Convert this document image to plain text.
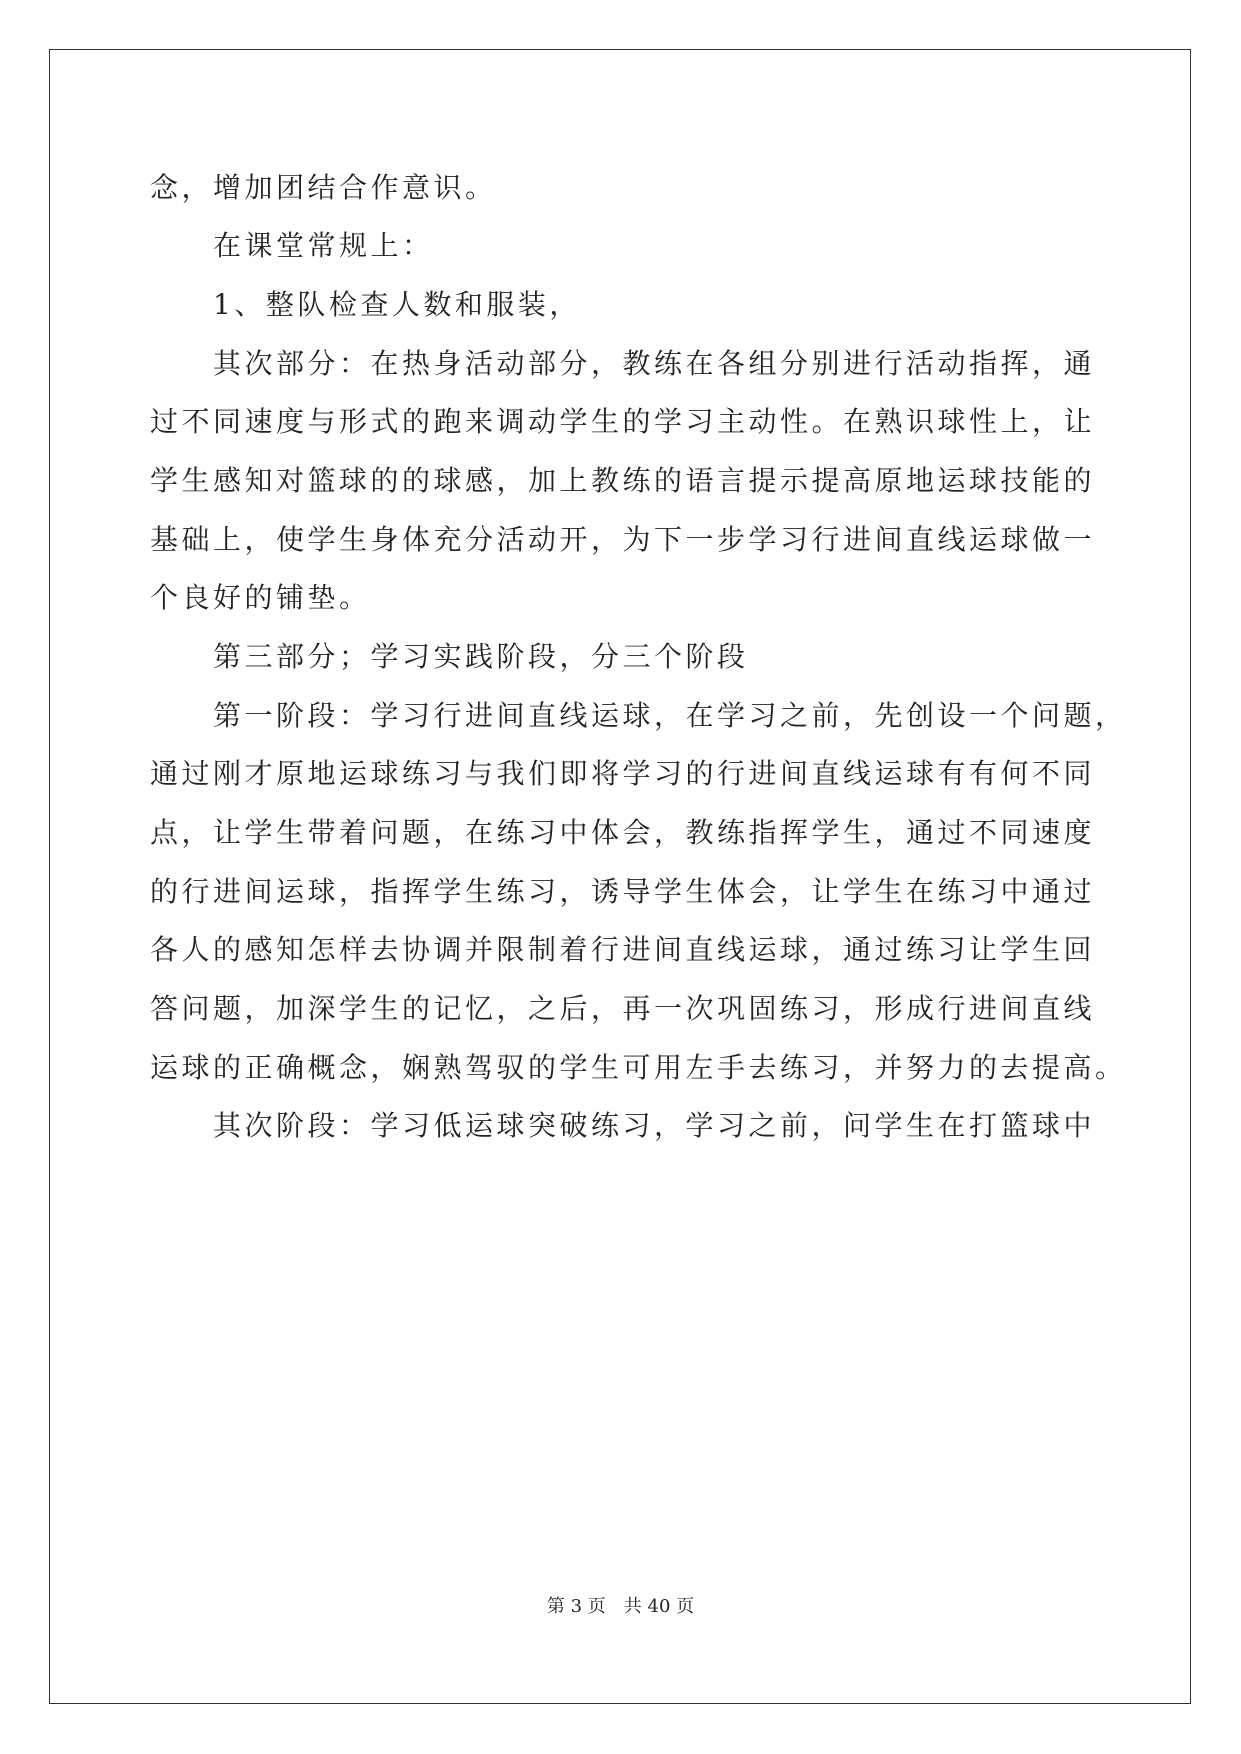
念，增加团结合作意识。
在课堂常规上：
1、整队检查人数和服装，
其次部分：在热身活动部分，教练在各组分别进行活动指挥，通
过不同速度与形式的跑来调动学生的学习主动性。在熟识球性上，让
学生感知对篮球的的球感，加上教练的语言提示提高原地运球技能的
基础上，使学生身体充分活动开，为下一步学习行进间直线运球做一
个良好的铺垫。
第三部分；学习实践阶段，分三个阶段
第一阶段：学习行进间直线运球，在学习之前，先创设一个问题，
通过刚才原地运球练习与我们即将学习的行进间直线运球有有何不同
点，让学生带着问题，在练习中体会，教练指挥学生，通过不同速度
的行进间运球，指挥学生练习，诱导学生体会，让学生在练习中通过
各人的感知怎样去协调并限制着行进间直线运球，通过练习让学生回
答问题，加深学生的记忆，之后，再一次巩固练习，形成行进间直线
运球的正确概念，娴熟驾驭的学生可用左手去练习，并努力的去提高。
其次阶段：学习低运球突破练习，学习之前，问学生在打篮球中
第 3 页　共 40 页
